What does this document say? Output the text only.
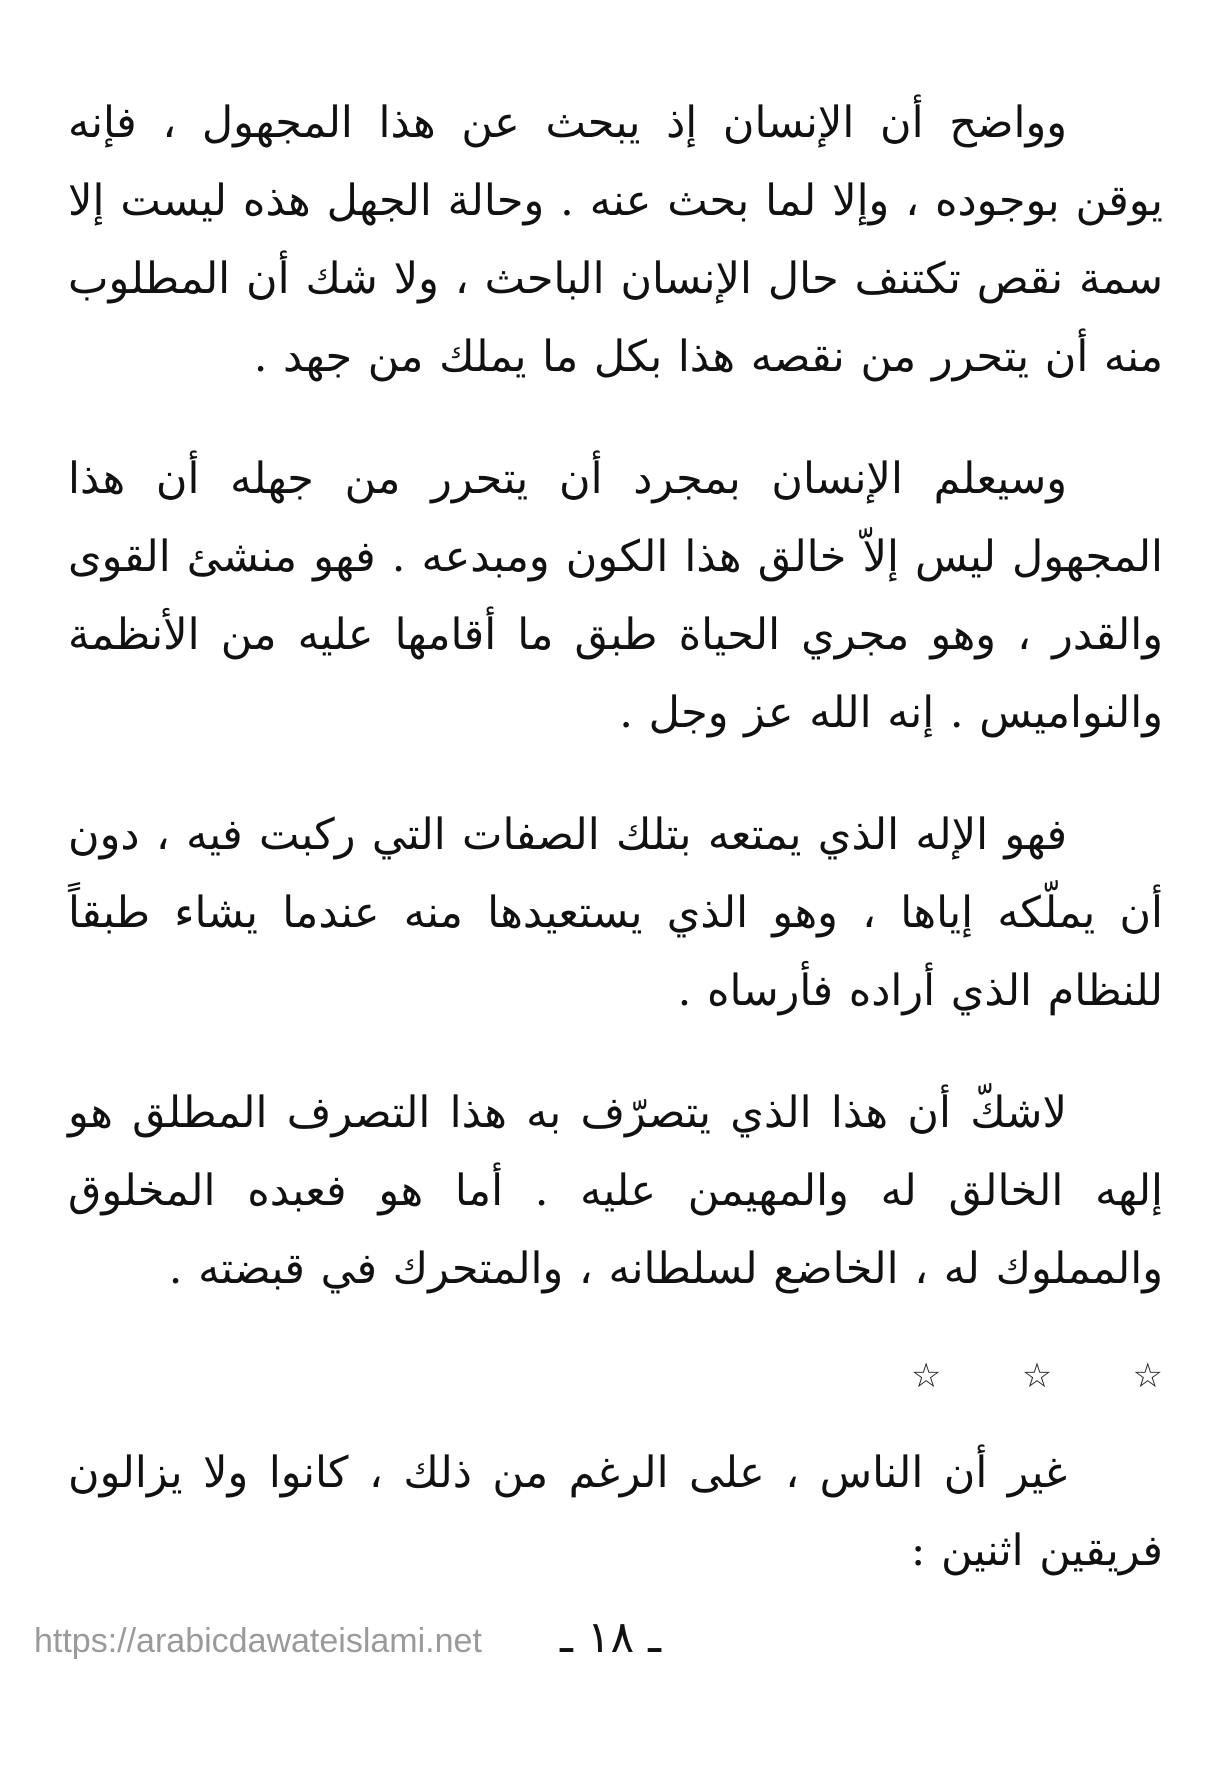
وواضح أن الإنسان إذ يبحث عن هذا المجهول ، فإنه يوقن بوجوده ، وإلا لما بحث عنه . وحالة الجهل هذه ليست إلا سمة نقص تكتنف حال الإنسان الباحث ، ولا شك أن المطلوب منه أن يتحرر من نقصه هذا بكل ما يملك من جهد .

وسيعلم الإنسان بمجرد أن يتحرر من جهله أن هذا المجهول ليس إلاّ خالق هذا الكون ومبدعه . فهو منشئ القوى والقدر ، وهو مجري الحياة طبق ما أقامها عليه من الأنظمة والنواميس . إنه الله عز وجل .

فهو الإله الذي يمتعه بتلك الصفات التي ركبت فيه ، دون أن يملّكه إياها ، وهو الذي يستعيدها منه عندما يشاء طبقاً للنظام الذي أراده فأرساه .

لاشكّ أن هذا الذي يتصرّف به هذا التصرف المطلق هو إلهه الخالق له والمهيمن عليه . أما هو فعبده المخلوق والمملوك له ، الخاضع لسلطانه ، والمتحرك في قبضته .

☆ ☆ ☆

غير أن الناس ، على الرغم من ذلك ، كانوا ولا يزالون فريقين اثنين :

https://arabicdawateislami.net ـ ١٨ ـ
